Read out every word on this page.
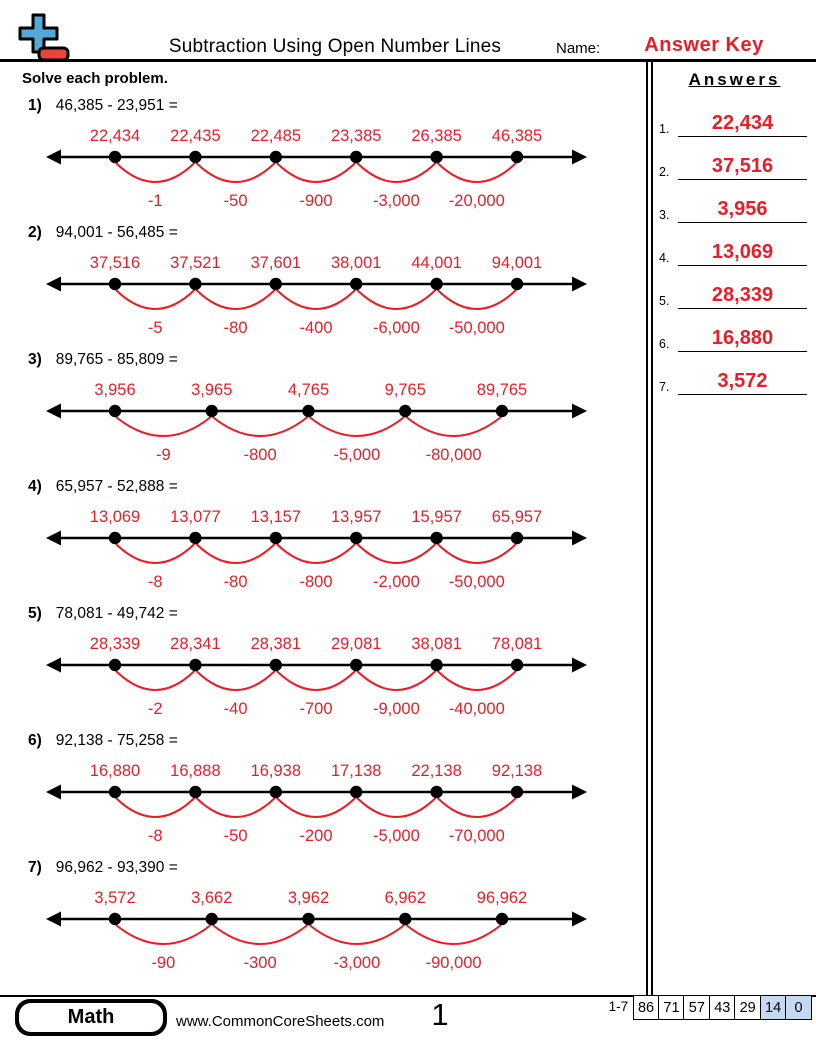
Subtraction Using Open Number Lines	Name:	Answer Key
Solve each problem.
1) 46,385 - 23,951 =
-1	-50	-900 -3,000 -20,000
22,434 22,435 22,485 23,385 26,385 46,385
2) 94,001 - 56,485 =
-5	-80	-400 -6,000 -50,000
37,516 37,521 37,601 38,001 44,001 94,001
3) 89,765 - 85,809 =
-9	-800	-5,000	-80,000
3,956	3,965	4,765	9,765	89,765
4) 65,957 - 52,888 =
-8	-80	-800 -2,000 -50,000
13,069 13,077 13,157 13,957 15,957 65,957
5) 78,081 - 49,742 =
-2	-40	-700 -9,000 -40,000
28,339 28,341 28,381 29,081 38,081 78,081
6) 92,138 - 75,258 =
-8	-50	-200 -5,000 -70,000
16,880 16,888 16,938 17,138 22,138 92,138
7) 96,962 - 93,390 =
-90	-300	-3,000	-90,000
3,572	3,662	3,962	6,962	96,962
Answers
1.	22,434
2.	37,516
3.	3,956
4.	13,069
5.	28,339
6.	16,880
7.	3,572
Math	www.CommonCoreSheets.com	1	1-7 86 71 57 43 29 14 0
